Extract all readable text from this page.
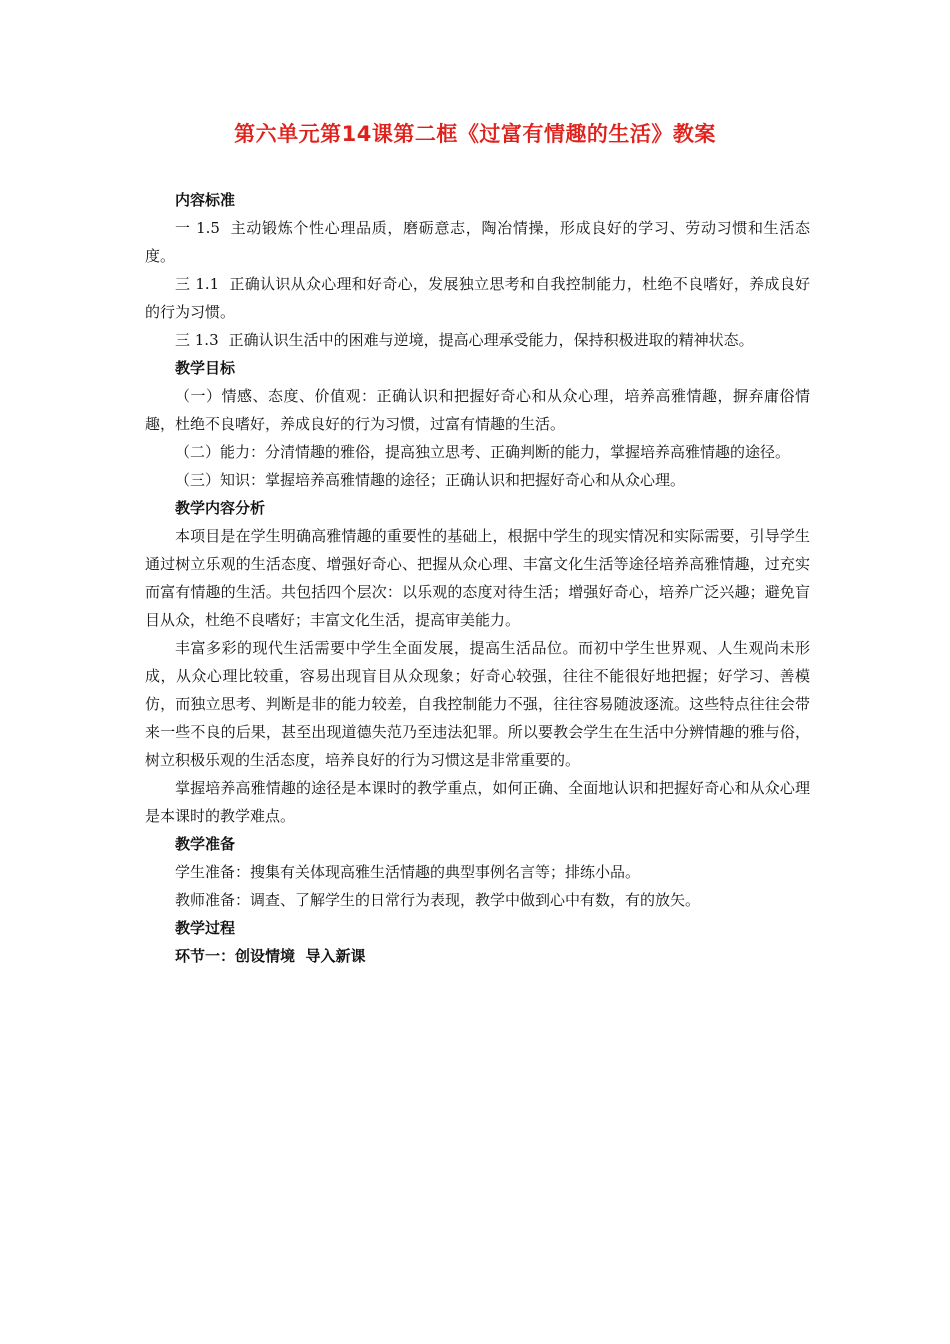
第六单元第14课第二框《过富有情趣的生活》教案

内容标准

一 1.5 主动锻炼个性心理品质，磨砺意志，陶冶情操，形成良好的学习、劳动习惯和生活态度。

三 1.1 正确认识从众心理和好奇心，发展独立思考和自我控制能力，杜绝不良嗜好，养成良好的行为习惯。

三 1.3 正确认识生活中的困难与逆境，提高心理承受能力，保持积极进取的精神状态。

教学目标

（一）情感、态度、价值观：正确认识和把握好奇心和从众心理，培养高雅情趣，摒弃庸俗情趣，杜绝不良嗜好，养成良好的行为习惯，过富有情趣的生活。

（二）能力：分清情趣的雅俗，提高独立思考、正确判断的能力，掌握培养高雅情趣的途径。

（三）知识：掌握培养高雅情趣的途径；正确认识和把握好奇心和从众心理。

教学内容分析

本项目是在学生明确高雅情趣的重要性的基础上，根据中学生的现实情况和实际需要，引导学生通过树立乐观的生活态度、增强好奇心、把握从众心理、丰富文化生活等途径培养高雅情趣，过充实而富有情趣的生活。共包括四个层次：以乐观的态度对待生活；增强好奇心，培养广泛兴趣；避免盲目从众，杜绝不良嗜好；丰富文化生活，提高审美能力。

丰富多彩的现代生活需要中学生全面发展，提高生活品位。而初中学生世界观、人生观尚未形成，从众心理比较重，容易出现盲目从众现象；好奇心较强，往往不能很好地把握；好学习、善模仿，而独立思考、判断是非的能力较差，自我控制能力不强，往往容易随波逐流。这些特点往往会带来一些不良的后果，甚至出现道德失范乃至违法犯罪。所以要教会学生在生活中分辨情趣的雅与俗，树立积极乐观的生活态度，培养良好的行为习惯这是非常重要的。

掌握培养高雅情趣的途径是本课时的教学重点，如何正确、全面地认识和把握好奇心和从众心理是本课时的教学难点。

教学准备

学生准备：搜集有关体现高雅生活情趣的典型事例名言等；排练小品。

教师准备：调查、了解学生的日常行为表现，教学中做到心中有数，有的放矢。

教学过程

环节一：创设情境  导入新课
